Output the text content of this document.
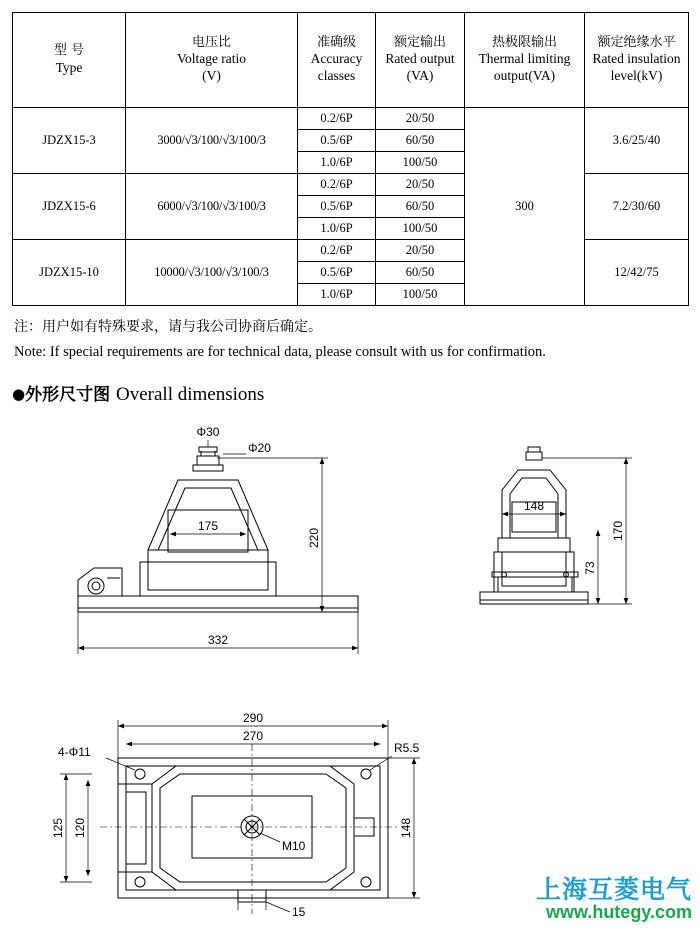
型 号
Type	电压比
Voltage ratio
(V)	准确级
Accuracy
classes	额定输出
Rated output
(VA)	热极限输出
Thermal limiting
output(VA)	额定绝缘水平
Rated insulation
level(kV)

JDZX15-3	3000/√3/100/√3/100/3	0.2/6P	20/50	300	3.6/25/40
		0.5/6P	60/50		
		1.0/6P	100/50		
JDZX15-6	6000/√3/100/√3/100/3	0.2/6P	20/50		7.2/30/60
		0.5/6P	60/50		
		1.0/6P	100/50		
JDZX15-10	10000/√3/100/√3/100/3	0.2/6P	20/50		12/42/75
		0.5/6P	60/50		
		1.0/6P	100/50		
注：用户如有特殊要求，请与我公司协商后确定。
Note: If special requirements are for technical data, please consult with us for confirmation.
●外形尺寸图 Overall dimensions
Φ30
Φ20
175
220
332
148
170
73
290
270
4-Φ11	R5.5
M10
148
125 120
15
上海互菱电气
www.hutegy.com
